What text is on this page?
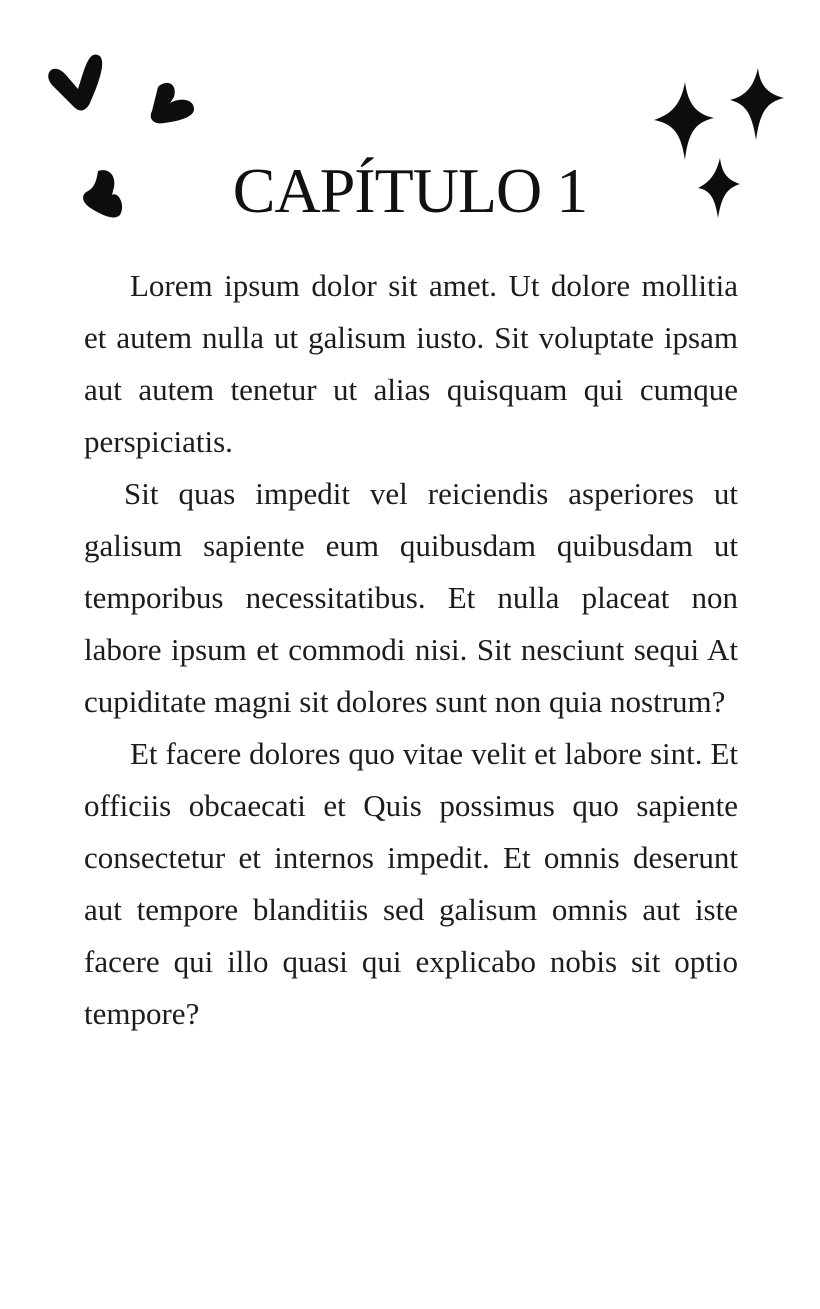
CAPÍTULO 1

Lorem ipsum dolor sit amet. Ut dolore mollitia et autem nulla ut galisum iusto. Sit voluptate ipsam aut autem tenetur ut alias quisquam qui cumque perspiciatis.

Sit quas impedit vel reiciendis asperiores ut galisum sapiente eum quibusdam quibusdam ut temporibus necessitatibus. Et nulla placeat non labore ipsum et commodi nisi. Sit nesciunt sequi At cupiditate magni sit dolores sunt non quia nostrum?

Et facere dolores quo vitae velit et labore sint. Et officiis obcaecati et Quis possimus quo sapiente consectetur et internos impedit. Et omnis deserunt aut tempore blanditiis sed galisum omnis aut iste facere qui illo quasi qui explicabo nobis sit optio tempore?
